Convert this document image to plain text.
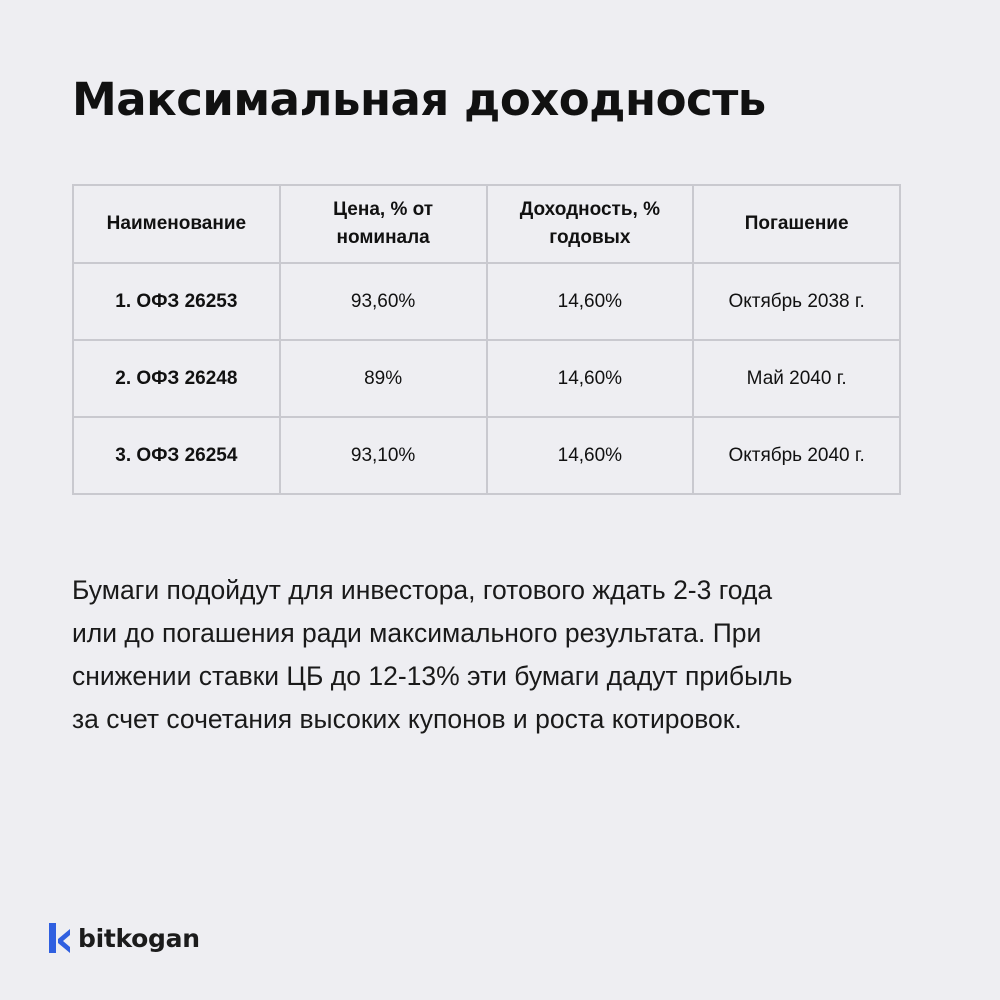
Максимальная доходность
Наименование	Цена, % от номинала	Доходность, % годовых	Погашение
1. ОФЗ 26253	93,60%	14,60%	Октябрь 2038 г.
2. ОФЗ 26248	89%	14,60%	Май 2040 г.
3. ОФЗ 26254	93,10%	14,60%	Октябрь 2040 г.

Бумаги подойдут для инвестора, готового ждать 2-3 года
или до погашения ради максимального результата. При
снижении ставки ЦБ до 12-13% эти бумаги дадут прибыль
за счет сочетания высоких купонов и роста котировок.

bitkogan
